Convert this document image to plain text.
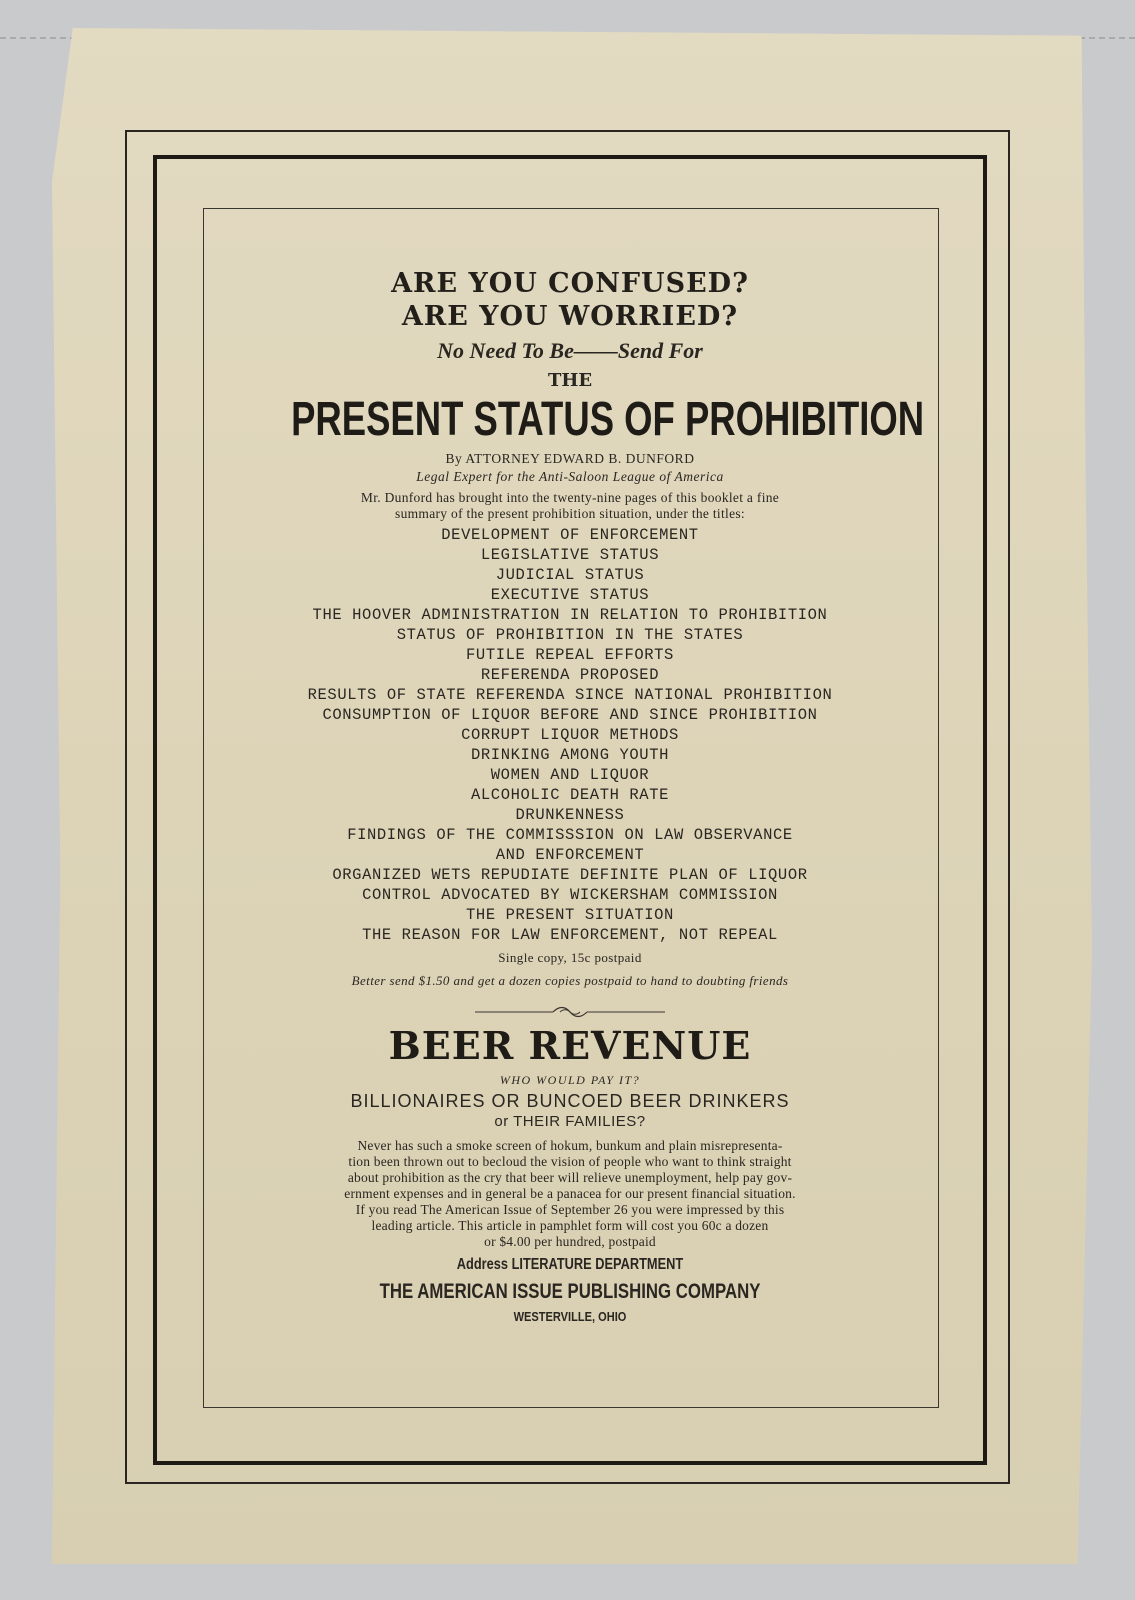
ARE YOU CONFUSED?
ARE YOU WORRIED?
No Need To Be——Send For
THE
PRESENT STATUS OF PROHIBITION
By ATTORNEY EDWARD B. DUNFORD
Legal Expert for the Anti-Saloon League of America
Mr. Dunford has brought into the twenty-nine pages of this booklet a fine
summary of the present prohibition situation, under the titles:
DEVELOPMENT OF ENFORCEMENT
LEGISLATIVE STATUS
JUDICIAL STATUS
EXECUTIVE STATUS
THE HOOVER ADMINISTRATION IN RELATION TO PROHIBITION
STATUS OF PROHIBITION IN THE STATES
FUTILE REPEAL EFFORTS
REFERENDA PROPOSED
RESULTS OF STATE REFERENDA SINCE NATIONAL PROHIBITION
CONSUMPTION OF LIQUOR BEFORE AND SINCE PROHIBITION
CORRUPT LIQUOR METHODS
DRINKING AMONG YOUTH
WOMEN AND LIQUOR
ALCOHOLIC DEATH RATE
DRUNKENNESS
FINDINGS OF THE COMMISSSION ON LAW OBSERVANCE
AND ENFORCEMENT
ORGANIZED WETS REPUDIATE DEFINITE PLAN OF LIQUOR
CONTROL ADVOCATED BY WICKERSHAM COMMISSION
THE PRESENT SITUATION
THE REASON FOR LAW ENFORCEMENT, NOT REPEAL
Single copy, 15c postpaid
Better send $1.50 and get a dozen copies postpaid to hand to doubting friends
BEER REVENUE
WHO WOULD PAY IT?
BILLIONAIRES OR BUNCOED BEER DRINKERS
or THEIR FAMILIES?
Never has such a smoke screen of hokum, bunkum and plain misrepresenta-
tion been thrown out to becloud the vision of people who want to think straight
about prohibition as the cry that beer will relieve unemployment, help pay gov-
ernment expenses and in general be a panacea for our present financial situation.
If you read The American Issue of September 26 you were impressed by this
leading article. This article in pamphlet form will cost you 60c a dozen
or $4.00 per hundred, postpaid
Address LITERATURE DEPARTMENT
THE AMERICAN ISSUE PUBLISHING COMPANY
WESTERVILLE, OHIO
